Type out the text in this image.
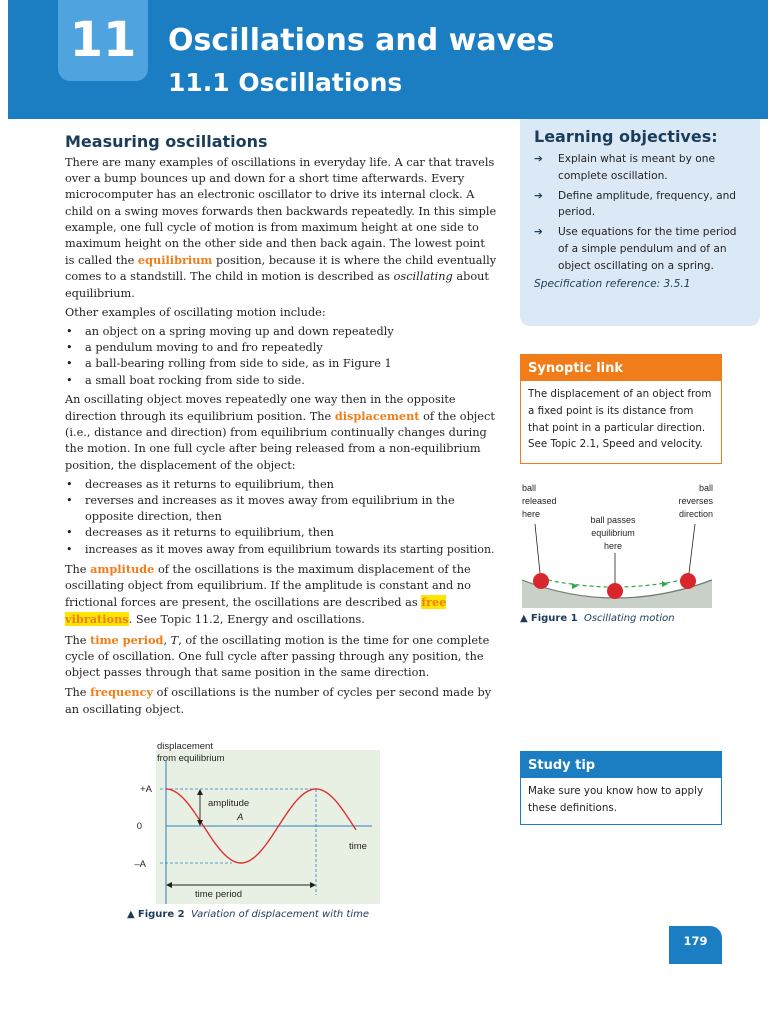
11	Oscillations and waves
11.1 Oscillations
Measuring oscillations

There are many examples of oscillations in everyday life. A car that travels over a bump bounces up and down for a short time afterwards. Every microcomputer has an electronic oscillator to drive its internal clock. A child on a swing moves forwards then backwards repeatedly. In this simple example, one full cycle of motion is from maximum height at one side to maximum height on the other side and then back again. The lowest point is called the equilibrium position, because it is where the child eventually comes to a standstill. The child in motion is described as oscillating about equilibrium.

Other examples of oscillating motion include:

• an object on a spring moving up and down repeatedly
• a pendulum moving to and fro repeatedly
• a ball-bearing rolling from side to side, as in Figure 1
• a small boat rocking from side to side.

An oscillating object moves repeatedly one way then in the opposite direction through its equilibrium position. The displacement of the object (i.e., distance and direction) from equilibrium continually changes during the motion. In one full cycle after being released from a non-equilibrium position, the displacement of the object:

• decreases as it returns to equilibrium, then
• reverses and increases as it moves away from equilibrium in the opposite direction, then
• decreases as it returns to equilibrium, then
• increases as it moves away from equilibrium towards its starting position.

The amplitude of the oscillations is the maximum displacement of the oscillating object from equilibrium. If the amplitude is constant and no frictional forces are present, the oscillations are described as free vibrations. See Topic 11.2, Energy and oscillations.

The time period, T, of the oscillating motion is the time for one complete cycle of oscillation. One full cycle after passing through any position, the object passes through that same position in the same direction.

The frequency of oscillations is the number of cycles per second made by an oscillating object.

displacement
from equilibrium
amplitude
A
+A
0
–A
time
time period
▲ Figure 2 Variation of displacement with time
Learning objectives:
➔ Explain what is meant by one complete oscillation.
➔ Define amplitude, frequency, and period.
➔ Use equations for the time period of a simple pendulum and of an object oscillating on a spring.
Specification reference: 3.5.1
Synoptic link
The displacement of an object from a fixed point is its distance from that point in a particular direction. See Topic 2.1, Speed and velocity.
ball
released
here
ball passes
equilibrium
here
ball
reverses
direction
▲ Figure 1 Oscillating motion
Study tip
Make sure you know how to apply these definitions.
179
